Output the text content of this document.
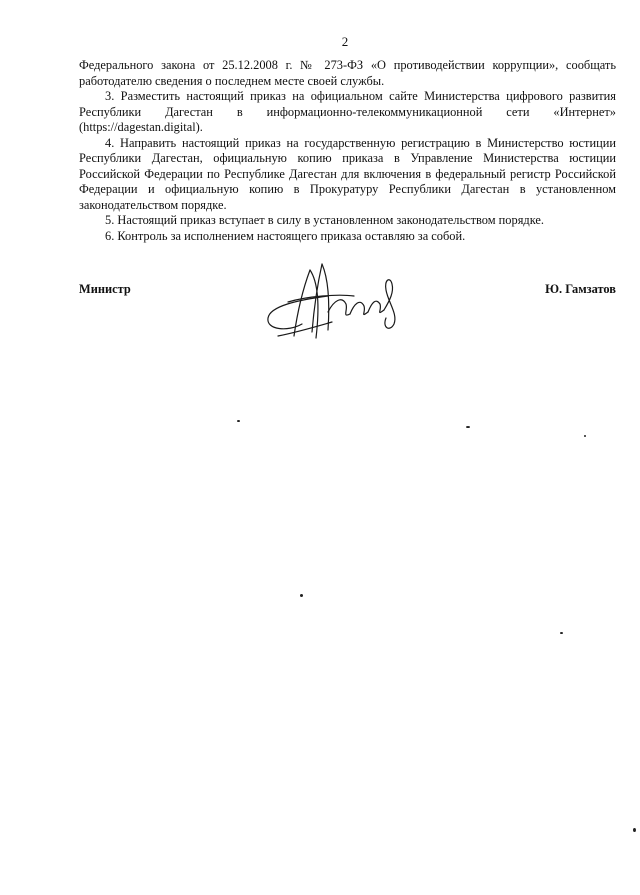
2

Федерального закона от 25.12.2008 г. № 273-ФЗ «О противодействии коррупции», сообщать работодателю сведения о последнем месте своей службы.

3. Разместить настоящий приказ на официальном сайте Министерства цифрового развития Республики Дагестан в информационно-телекоммуникационной сети «Интернет» (https://dagestan.digital).

4. Направить настоящий приказ на государственную регистрацию в Министерство юстиции Республики Дагестан, официальную копию приказа в Управление Министерства юстиции Российской Федерации по Республике Дагестан для включения в федеральный регистр Российской Федерации и официальную копию в Прокуратуру Республики Дагестан в установленном законодательством порядке.

5. Настоящий приказ вступает в силу в установленном законодательством порядке.

6. Контроль за исполнением настоящего приказа оставляю за собой.

Министр	Ю. Гамзатов
